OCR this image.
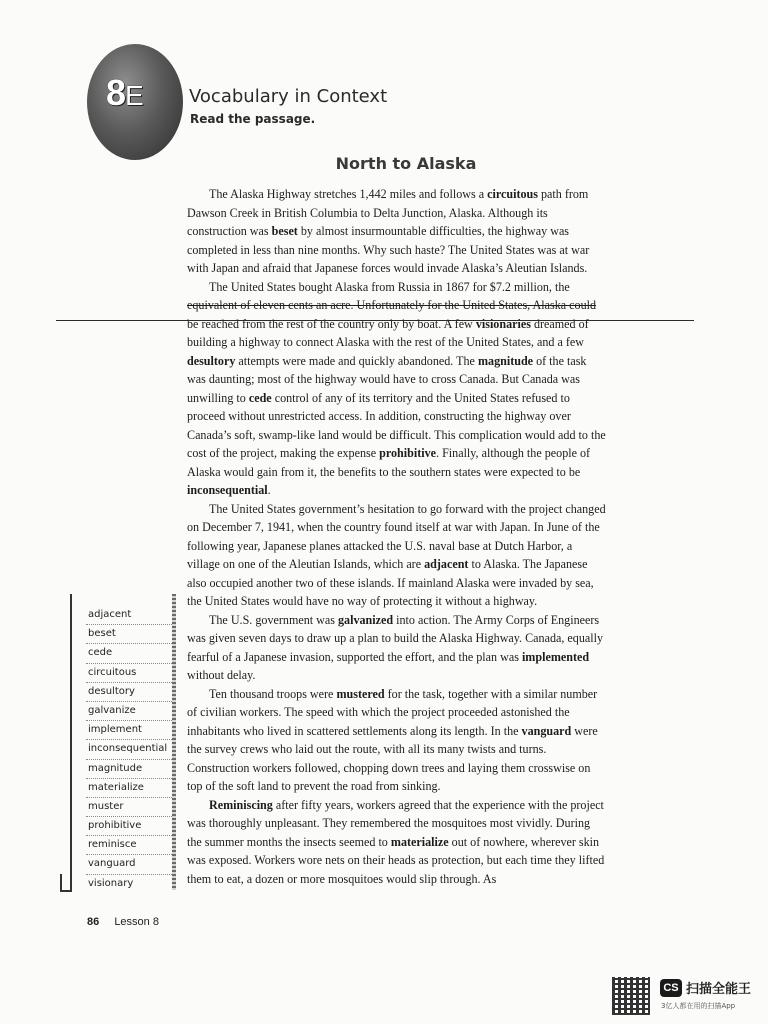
8E	Vocabulary in Context
Read the passage.
North to Alaska

The Alaska Highway stretches 1,442 miles and follows a circuitous path from Dawson Creek in British Columbia to Delta Junction, Alaska. Although its construction was beset by almost insurmountable difficulties, the highway was completed in less than nine months. Why such haste? The United States was at war with Japan and afraid that Japanese forces would invade Alaska’s Aleutian Islands.

The United States bought Alaska from Russia in 1867 for $7.2 million, the equivalent of eleven cents an acre. Unfortunately for the United States, Alaska could be reached from the rest of the country only by boat. A few visionaries dreamed of building a highway to connect Alaska with the rest of the United States, and a few desultory attempts were made and quickly abandoned. The magnitude of the task was daunting; most of the highway would have to cross Canada. But Canada was unwilling to cede control of any of its territory and the United States refused to proceed without unrestricted access. In addition, constructing the highway over Canada’s soft, swamp-like land would be difficult. This complication would add to the cost of the project, making the expense prohibitive. Finally, although the people of Alaska would gain from it, the benefits to the southern states were expected to be inconsequential.

The United States government’s hesitation to go forward with the project changed on December 7, 1941, when the country found itself at war with Japan. In June of the following year, Japanese planes attacked the U.S. naval base at Dutch Harbor, a village on one of the Aleutian Islands, which are adjacent to Alaska. The Japanese also occupied another two of these islands. If mainland Alaska were invaded by sea, the United States would have no way of protecting it without a highway.

The U.S. government was galvanized into action. The Army Corps of Engineers was given seven days to draw up a plan to build the Alaska Highway. Canada, equally fearful of a Japanese invasion, supported the effort, and the plan was implemented without delay.

Ten thousand troops were mustered for the task, together with a similar number of civilian workers. The speed with which the project proceeded astonished the inhabitants who lived in scattered settlements along its length. In the vanguard were the survey crews who laid out the route, with all its many twists and turns. Construction workers followed, chopping down trees and laying them crosswise on top of the soft land to prevent the road from sinking.

Reminiscing after fifty years, workers agreed that the experience with the project was thoroughly unpleasant. They remembered the mosquitoes most vividly. During the summer months the insects seemed to materialize out of nowhere, wherever skin was exposed. Workers wore nets on their heads as protection, but each time they lifted them to eat, a dozen or more mosquitoes would slip through. As

adjacent
beset
cede
circuitous
desultory
galvanize
implement
inconsequential
magnitude
materialize
muster
prohibitive
reminisce
vanguard
visionary
86 Lesson 8
CS 扫描全能王
3亿人都在用的扫描App
